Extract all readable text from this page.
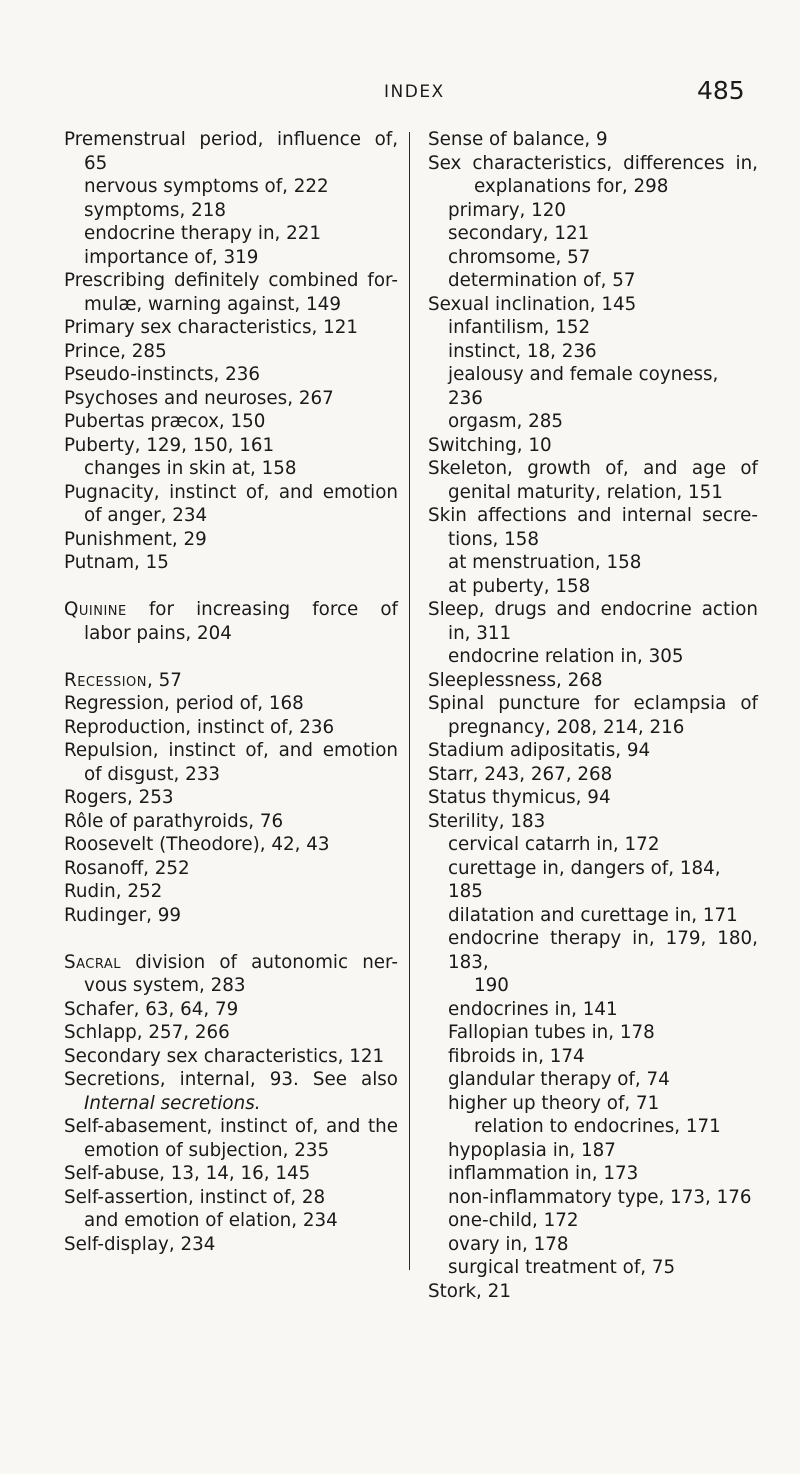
INDEX	485
Premenstrual period, influence of,
65
nervous symptoms of, 222
symptoms, 218
endocrine therapy in, 221
importance of, 319
Prescribing definitely combined for-
mulæ, warning against, 149
Primary sex characteristics, 121
Prince, 285
Pseudo-instincts, 236
Psychoses and neuroses, 267
Pubertas præcox, 150
Puberty, 129, 150, 161
changes in skin at, 158
Pugnacity, instinct of, and emotion
of anger, 234
Punishment, 29
Putnam, 15
Quinine for increasing force of
labor pains, 204
Recession, 57
Regression, period of, 168
Reproduction, instinct of, 236
Repulsion, instinct of, and emotion
of disgust, 233
Rogers, 253
Rôle of parathyroids, 76
Roosevelt (Theodore), 42, 43
Rosanoff, 252
Rudin, 252
Rudinger, 99
Sacral division of autonomic ner-
vous system, 283
Schafer, 63, 64, 79
Schlapp, 257, 266
Secondary sex characteristics, 121
Secretions, internal, 93. See also
Internal secretions.
Self-abasement, instinct of, and the
emotion of subjection, 235
Self-abuse, 13, 14, 16, 145
Self-assertion, instinct of, 28
and emotion of elation, 234
Self-display, 234
Sense of balance, 9
Sex characteristics, differences in,
explanations for, 298
primary, 120
secondary, 121
chromsome, 57
determination of, 57
Sexual inclination, 145
infantilism, 152
instinct, 18, 236
jealousy and female coyness, 236
orgasm, 285
Switching, 10
Skeleton, growth of, and age of
genital maturity, relation, 151
Skin affections and internal secre-
tions, 158
at menstruation, 158
at puberty, 158
Sleep, drugs and endocrine action
in, 311
endocrine relation in, 305
Sleeplessness, 268
Spinal puncture for eclampsia of
pregnancy, 208, 214, 216
Stadium adipositatis, 94
Starr, 243, 267, 268
Status thymicus, 94
Sterility, 183
cervical catarrh in, 172
curettage in, dangers of, 184, 185
dilatation and curettage in, 171
endocrine therapy in, 179, 180, 183,
190
endocrines in, 141
Fallopian tubes in, 178
fibroids in, 174
glandular therapy of, 74
higher up theory of, 71
relation to endocrines, 171
hypoplasia in, 187
inflammation in, 173
non-inflammatory type, 173, 176
one-child, 172
ovary in, 178
surgical treatment of, 75
Stork, 21
